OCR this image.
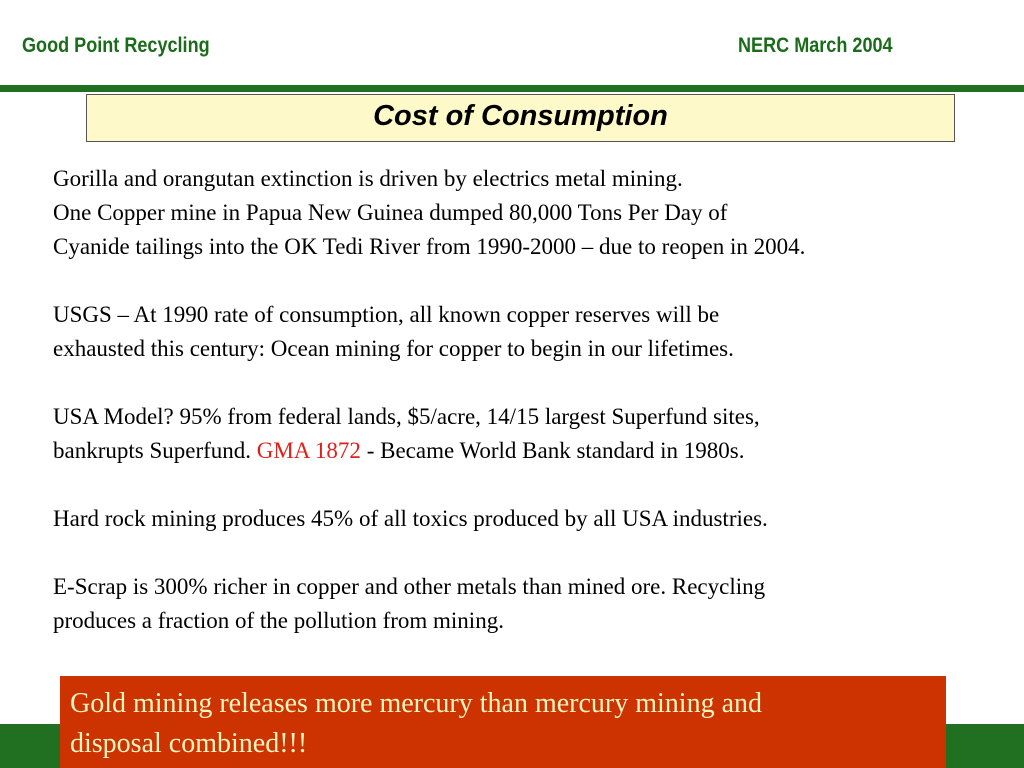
Good Point Recycling	NERC March 2004
Cost of Consumption

Gorilla and orangutan extinction is driven by electrics metal mining.
One Copper mine in Papua New Guinea dumped 80,000 Tons Per Day of
Cyanide tailings into the OK Tedi River from 1990-2000 – due to reopen in 2004.

USGS – At 1990 rate of consumption, all known copper reserves will be
exhausted this century: Ocean mining for copper to begin in our lifetimes.

USA Model? 95% from federal lands, $5/acre, 14/15 largest Superfund sites,
bankrupts Superfund. GMA 1872 - Became World Bank standard in 1980s.

Hard rock mining produces 45% of all toxics produced by all USA industries.

E-Scrap is 300% richer in copper and other metals than mined ore. Recycling
produces a fraction of the pollution from mining.

Gold mining releases more mercury than mercury mining and
disposal combined!!!
